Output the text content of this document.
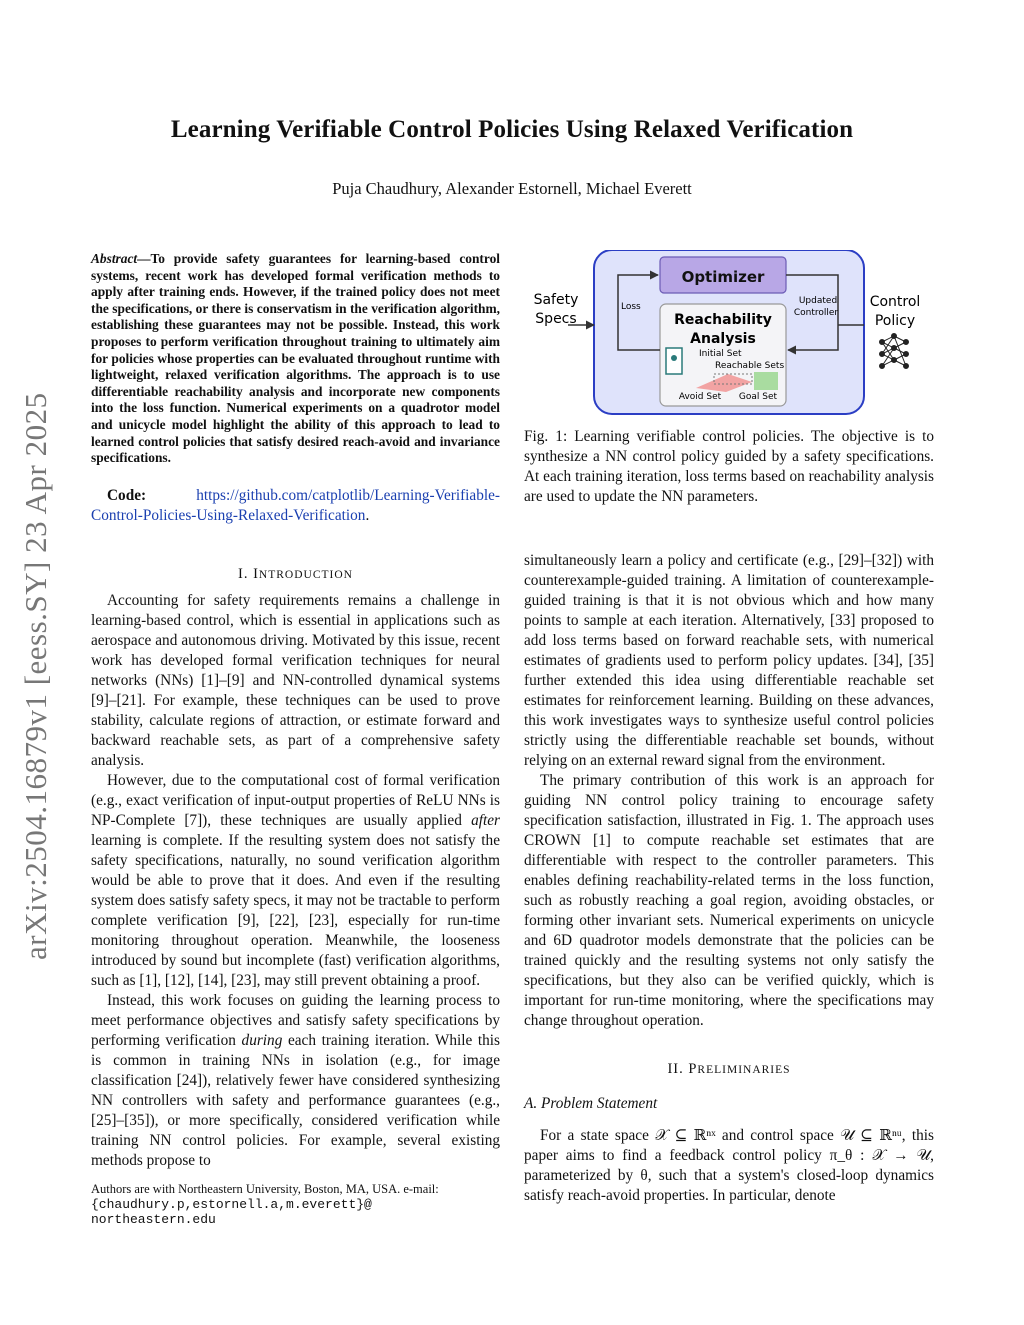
Learning Verifiable Control Policies Using Relaxed Verification
Puja Chaudhury, Alexander Estornell, Michael Everett
arXiv:2504.16879v1 [eess.SY] 23 Apr 2025
Abstract—To provide safety guarantees for learning-based control systems, recent work has developed formal verification methods to apply after training ends. However, if the trained policy does not meet the specifications, or there is conservatism in the verification algorithm, establishing these guarantees may not be possible. Instead, this work proposes to perform verification throughout training to ultimately aim for policies whose properties can be evaluated throughout runtime with lightweight, relaxed verification algorithms. The approach is to use differentiable reachability analysis and incorporate new components into the loss function. Numerical experiments on a quadrotor model and unicycle model highlight the ability of this approach to lead to learned control policies that satisfy desired reach-avoid and invariance specifications.
Code:	https://github.com/catplotlib/Learning-Verifiable-Control-Policies-Using-Relaxed-Verification.
I. INTRODUCTION

Accounting for safety requirements remains a challenge in learning-based control, which is essential in applications such as aerospace and autonomous driving. Motivated by this issue, recent work has developed formal verification techniques for neural networks (NNs) [1]–[9] and NN-controlled dynamical systems [9]–[21]. For example, these techniques can be used to prove stability, calculate regions of attraction, or estimate forward and backward reachable sets, as part of a comprehensive safety analysis.

However, due to the computational cost of formal verification (e.g., exact verification of input-output properties of ReLU NNs is NP-Complete [7]), these techniques are usually applied after learning is complete. If the resulting system does not satisfy the safety specifications, naturally, no sound verification algorithm would be able to prove that it does. And even if the resulting system does satisfy safety specs, it may not be tractable to perform complete verification [9], [22], [23], especially for run-time monitoring throughout operation. Meanwhile, the looseness introduced by sound but incomplete (fast) verification algorithms, such as [1], [12], [14], [23], may still prevent obtaining a proof.

Instead, this work focuses on guiding the learning process to meet performance objectives and satisfy safety specifications by performing verification during each training iteration. While this is common in training NNs in isolation (e.g., for image classification [24]), relatively fewer have considered synthesizing NN controllers with safety and performance guarantees (e.g., [25]–[35]), or more specifically, considered verification while training NN control policies. For example, several existing methods propose to

Authors are with Northeastern University, Boston, MA, USA. e-mail:
{chaudhury.p,estornell.a,m.everett}@ northeastern.edu
Optimizer
Reachability
Analysis
Loss
Updated
Controller
Initial Set
Reachable Sets
Avoid Set Goal Set
Safety
Specs
Control
Policy
Fig. 1: Learning verifiable control policies. The objective is to synthesize a NN control policy guided by a safety specifications. At each training iteration, loss terms based on reachability analysis are used to update the NN parameters.

simultaneously learn a policy and certificate (e.g., [29]–[32]) with counterexample-guided training. A limitation of counterexample-guided training is that it is not obvious which and how many points to sample at each iteration. Alternatively, [33] proposed to add loss terms based on forward reachable sets, with numerical estimates of gradients used to perform policy updates. [34], [35] further extended this idea using differentiable reachable set estimates for reinforcement learning. Building on these advances, this work investigates ways to synthesize useful control policies strictly using the differentiable reachable set bounds, without relying on an external reward signal from the environment.

The primary contribution of this work is an approach for guiding NN control policy training to encourage safety specification satisfaction, illustrated in Fig. 1. The approach uses CROWN [1] to compute reachable set estimates that are differentiable with respect to the controller parameters. This enables defining reachability-related terms in the loss function, such as robustly reaching a goal region, avoiding obstacles, or forming other invariant sets. Numerical experiments on unicycle and 6D quadrotor models demonstrate that the policies can be trained quickly and the resulting systems not only satisfy the specifications, but they also can be verified quickly, which is important for run-time monitoring, where the specifications may change throughout operation.

II. PRELIMINARIES
A. Problem Statement

For a state space 𝒳 ⊆ ℝⁿˣ and control space 𝒰 ⊆ ℝⁿᵘ, this paper aims to find a feedback control policy π_θ : 𝒳 → 𝒰, parameterized by θ, such that a system's closed-loop dynamics satisfy reach-avoid properties. In particular, denote
